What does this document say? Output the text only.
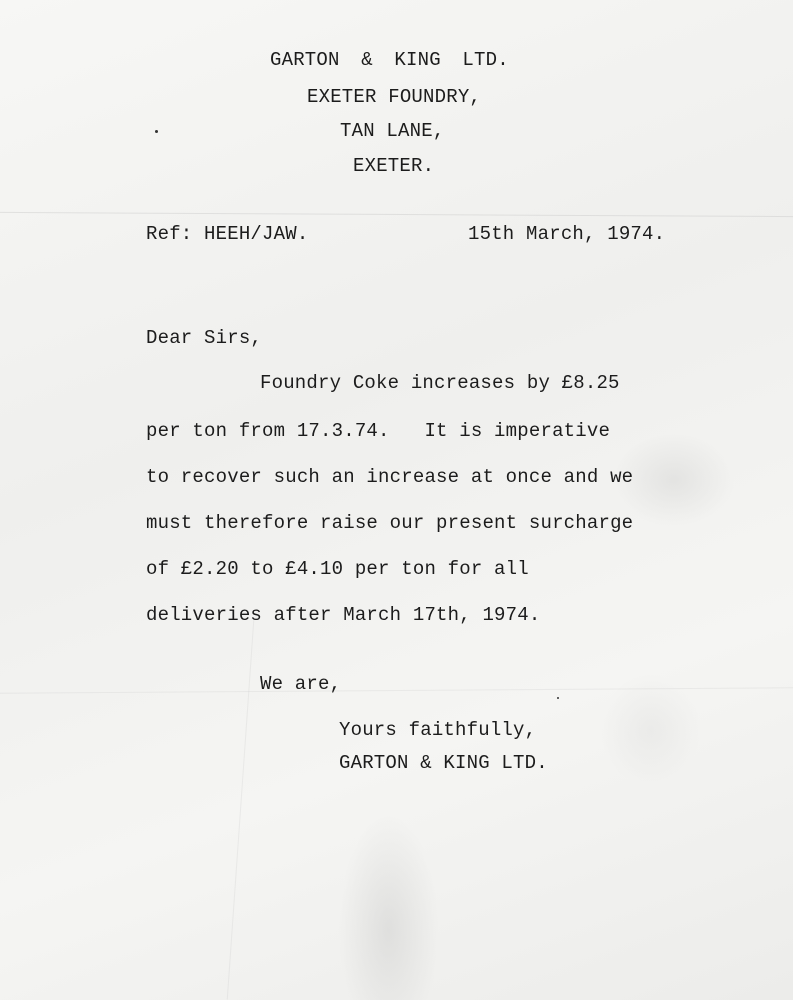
GARTON & KING LTD.
EXETER FOUNDRY,
TAN LANE,
EXETER.
Ref: HEEH/JAW.	15th March, 1974.
Dear Sirs,
Foundry Coke increases by £8.25
per ton from 17.3.74.   It is imperative
to recover such an increase at once and we
must therefore raise our present surcharge
of £2.20 to £4.10 per ton for all
deliveries after March 17th, 1974.
We are,
Yours faithfully,
GARTON & KING LTD.
